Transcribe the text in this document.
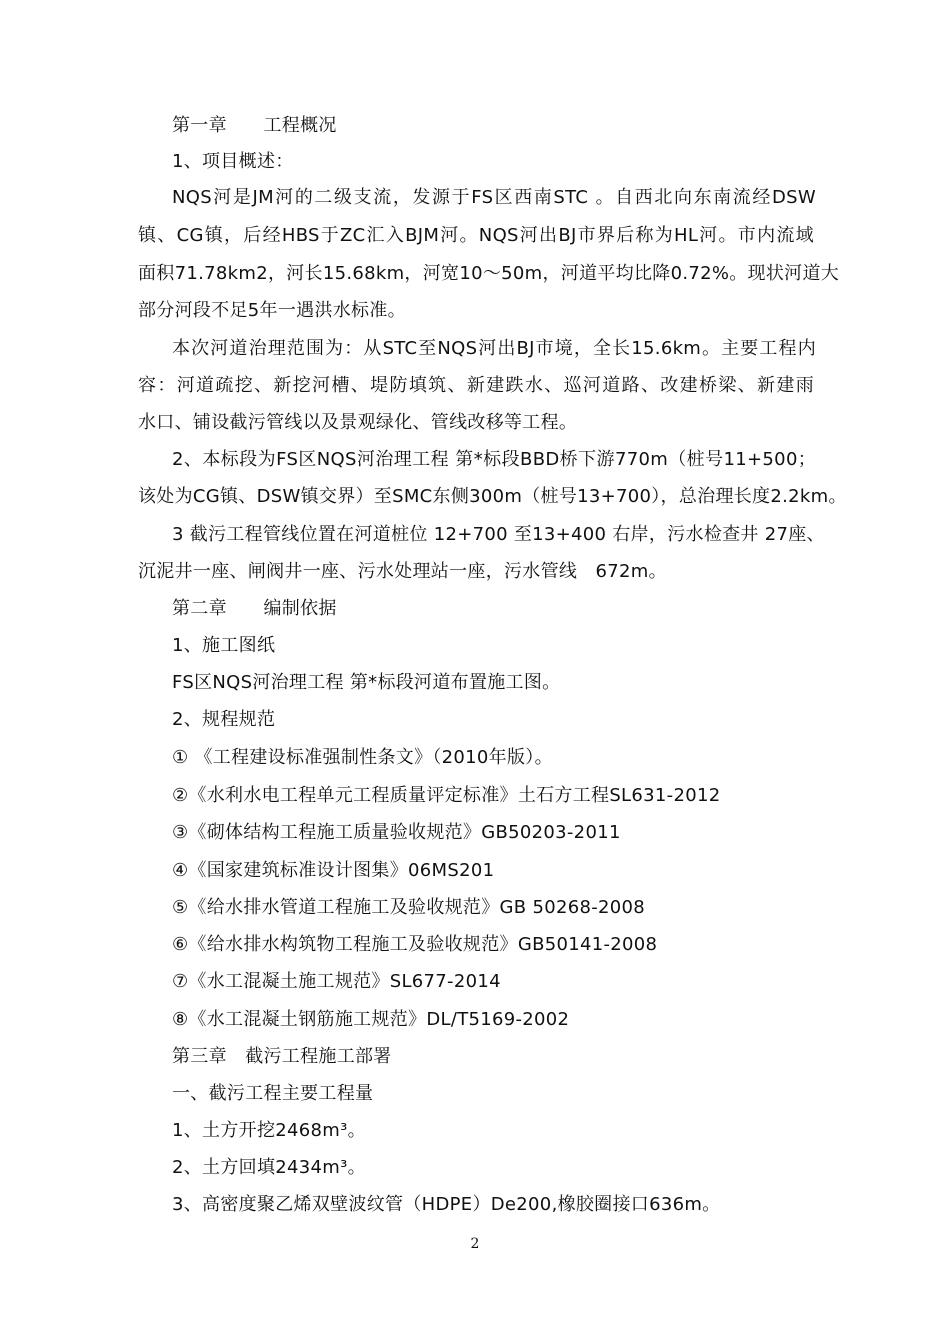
第一章　　工程概况
1、项目概述：
NQS河是JM河的二级支流，发源于FS区西南STC 。自西北向东南流经DSW
镇、CG镇，后经HBS于ZC汇入BJM河。NQS河出BJ市界后称为HL河。市内流域
面积71.78km2，河长15.68km，河宽10～50m，河道平均比降0.72%。现状河道大
部分河段不足5年一遇洪水标准。
本次河道治理范围为：从STC至NQS河出BJ市境，全长15.6km。主要工程内
容：河道疏挖、新挖河槽、堤防填筑、新建跌水、巡河道路、改建桥梁、新建雨
水口、铺设截污管线以及景观绿化、管线改移等工程。
2、本标段为FS区NQS河治理工程 第*标段BBD桥下游770m（桩号11+500；
该处为CG镇、DSW镇交界）至SMC东侧300m（桩号13+700），总治理长度2.2km。
3 截污工程管线位置在河道桩位 12+700 至13+400 右岸，污水检查井 27座、
沉泥井一座、闸阀井一座、污水处理站一座，污水管线　672m。
第二章　　编制依据
1、施工图纸
FS区NQS河治理工程 第*标段河道布置施工图。
2、规程规范
① 《工程建设标准强制性条文》（2010年版）。
②《水利水电工程单元工程质量评定标准》土石方工程SL631-2012
③《砌体结构工程施工质量验收规范》GB50203-2011
④《国家建筑标准设计图集》06MS201
⑤《给水排水管道工程施工及验收规范》GB 50268-2008
⑥《给水排水构筑物工程施工及验收规范》GB50141-2008
⑦《水工混凝土施工规范》SL677-2014
⑧《水工混凝土钢筋施工规范》DL/T5169-2002
第三章　截污工程施工部署
一、截污工程主要工程量
1、土方开挖2468m³。
2、土方回填2434m³。
3、高密度聚乙烯双壁波纹管（HDPE）De200,橡胶圈接口636m。
2
